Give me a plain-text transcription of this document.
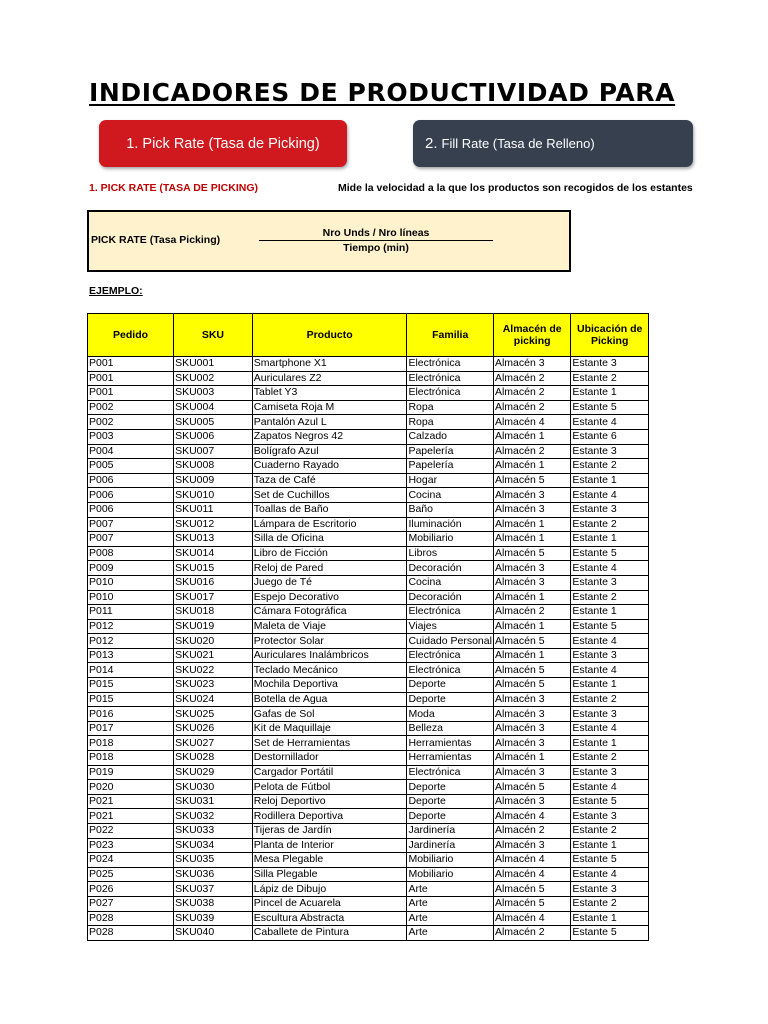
INDICADORES DE PRODUCTIVIDAD PARA
1. Pick Rate (Tasa de Picking)	2. Fill Rate (Tasa de Relleno)
1. PICK RATE (TASA DE PICKING)	Mide la velocidad a la que los productos son recogidos de los estantes
PICK RATE (Tasa Picking)
Nro Unds / Nro líneas
Tiempo (min)
EJEMPLO:
Pedido	SKU	Producto	Familia	Almacén de picking	Ubicación de Picking
P001	SKU001	Smartphone X1	Electrónica	Almacén 3	Estante 3
P001	SKU002	Auriculares Z2	Electrónica	Almacén 2	Estante 2
P001	SKU003	Tablet Y3	Electrónica	Almacén 2	Estante 1
P002	SKU004	Camiseta Roja M	Ropa	Almacén 2	Estante 5
P002	SKU005	Pantalón Azul L	Ropa	Almacén 4	Estante 4
P003	SKU006	Zapatos Negros 42	Calzado	Almacén 1	Estante 6
P004	SKU007	Bolígrafo Azul	Papelería	Almacén 2	Estante 3
P005	SKU008	Cuaderno Rayado	Papelería	Almacén 1	Estante 2
P006	SKU009	Taza de Café	Hogar	Almacén 5	Estante 1
P006	SKU010	Set de Cuchillos	Cocina	Almacén 3	Estante 4
P006	SKU011	Toallas de Baño	Baño	Almacén 3	Estante 3
P007	SKU012	Lámpara de Escritorio	Iluminación	Almacén 1	Estante 2
P007	SKU013	Silla de Oficina	Mobiliario	Almacén 1	Estante 1
P008	SKU014	Libro de Ficción	Libros	Almacén 5	Estante 5
P009	SKU015	Reloj de Pared	Decoración	Almacén 3	Estante 4
P010	SKU016	Juego de Té	Cocina	Almacén 3	Estante 3
P010	SKU017	Espejo Decorativo	Decoración	Almacén 1	Estante 2
P011	SKU018	Cámara Fotográfica	Electrónica	Almacén 2	Estante 1
P012	SKU019	Maleta de Viaje	Viajes	Almacén 1	Estante 5
P012	SKU020	Protector Solar	Cuidado Personal	Almacén 5	Estante 4
P013	SKU021	Auriculares Inalámbricos	Electrónica	Almacén 1	Estante 3
P014	SKU022	Teclado Mecánico	Electrónica	Almacén 5	Estante 4
P015	SKU023	Mochila Deportiva	Deporte	Almacén 5	Estante 1
P015	SKU024	Botella de Agua	Deporte	Almacén 3	Estante 2
P016	SKU025	Gafas de Sol	Moda	Almacén 3	Estante 3
P017	SKU026	Kit de Maquillaje	Belleza	Almacén 3	Estante 4
P018	SKU027	Set de Herramientas	Herramientas	Almacén 3	Estante 1
P018	SKU028	Destornillador	Herramientas	Almacén 1	Estante 2
P019	SKU029	Cargador Portátil	Electrónica	Almacén 3	Estante 3
P020	SKU030	Pelota de Fútbol	Deporte	Almacén 5	Estante 4
P021	SKU031	Reloj Deportivo	Deporte	Almacén 3	Estante 5
P021	SKU032	Rodillera Deportiva	Deporte	Almacén 4	Estante 3
P022	SKU033	Tijeras de Jardín	Jardinería	Almacén 2	Estante 2
P023	SKU034	Planta de Interior	Jardinería	Almacén 3	Estante 1
P024	SKU035	Mesa Plegable	Mobiliario	Almacén 4	Estante 5
P025	SKU036	Silla Plegable	Mobiliario	Almacén 4	Estante 4
P026	SKU037	Lápiz de Dibujo	Arte	Almacén 5	Estante 3
P027	SKU038	Pincel de Acuarela	Arte	Almacén 5	Estante 2
P028	SKU039	Escultura Abstracta	Arte	Almacén 4	Estante 1
P028	SKU040	Caballete de Pintura	Arte	Almacén 2	Estante 5
